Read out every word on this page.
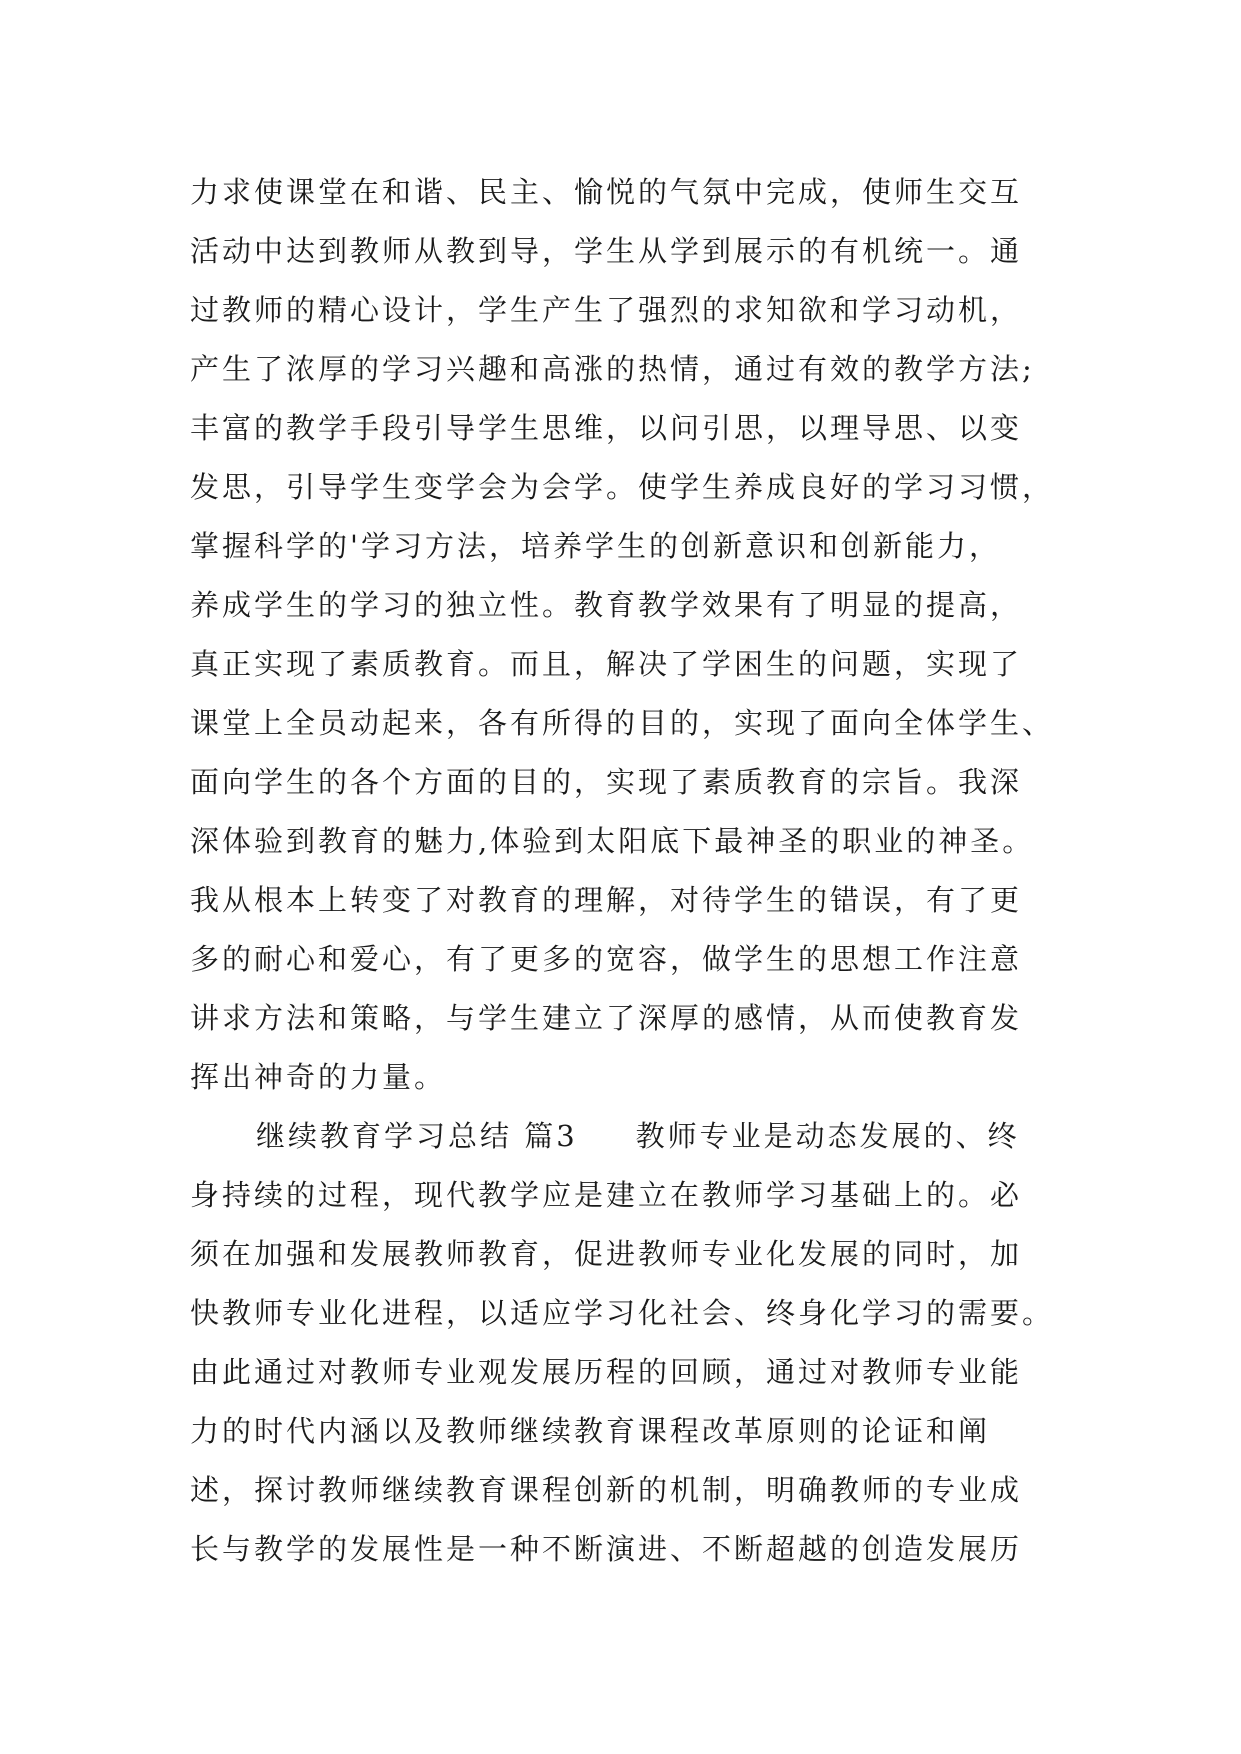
力求使课堂在和谐、民主、愉悦的气氛中完成，使师生交互
活动中达到教师从教到导，学生从学到展示的有机统一。通
过教师的精心设计，学生产生了强烈的求知欲和学习动机，
产生了浓厚的学习兴趣和高涨的热情，通过有效的教学方法;
丰富的教学手段引导学生思维，以问引思，以理导思、以变
发思，引导学生变学会为会学。使学生养成良好的学习习惯，
掌握科学的'学习方法，培养学生的创新意识和创新能力，
养成学生的学习的独立性。教育教学效果有了明显的提高，
真正实现了素质教育。而且，解决了学困生的问题，实现了
课堂上全员动起来，各有所得的目的，实现了面向全体学生、
面向学生的各个方面的目的，实现了素质教育的宗旨。我深
深体验到教育的魅力,体验到太阳底下最神圣的职业的神圣。
我从根本上转变了对教育的理解，对待学生的错误，有了更
多的耐心和爱心，有了更多的宽容，做学生的思想工作注意
讲求方法和策略，与学生建立了深厚的感情，从而使教育发
挥出神奇的力量。
继续教育学习总结 篇3 教师专业是动态发展的、终
身持续的过程，现代教学应是建立在教师学习基础上的。必
须在加强和发展教师教育，促进教师专业化发展的同时，加
快教师专业化进程，以适应学习化社会、终身化学习的需要。
由此通过对教师专业观发展历程的回顾，通过对教师专业能
力的时代内涵以及教师继续教育课程改革原则的论证和阐
述，探讨教师继续教育课程创新的机制，明确教师的专业成
长与教学的发展性是一种不断演进、不断超越的创造发展历
